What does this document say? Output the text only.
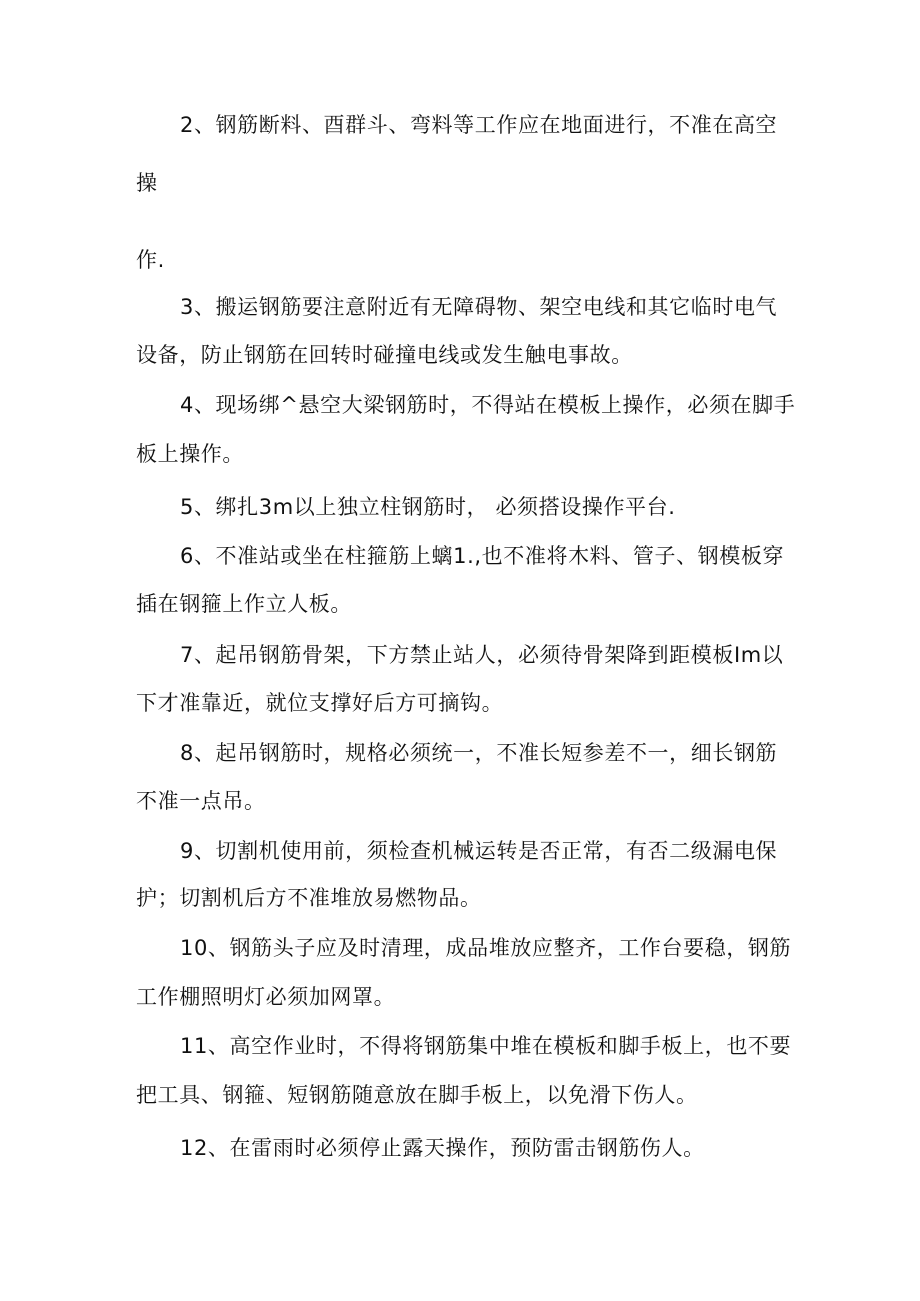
2、钢筋断料、酉群斗、弯料等工作应在地面进行，不准在高空
操
作.
3、搬运钢筋要注意附近有无障碍物、架空电线和其它临时电气
设备，防止钢筋在回转时碰撞电线或发生触电事故。
4、现场绑^悬空大梁钢筋时，不得站在模板上操作，必须在脚手
板上操作。
5、绑扎3m以上独立柱钢筋时， 必须搭设操作平台.
6、不准站或坐在柱箍筋上螭1.,也不准将木料、管子、钢模板穿
插在钢箍上作立人板。
7、起吊钢筋骨架，下方禁止站人，必须待骨架降到距模板Im以
下才准靠近，就位支撑好后方可摘钩。
8、起吊钢筋时，规格必须统一，不准长短参差不一，细长钢筋
不准一点吊。
9、切割机使用前，须检查机械运转是否正常，有否二级漏电保
护；切割机后方不准堆放易燃物品。
10、钢筋头子应及时清理，成品堆放应整齐，工作台要稳，钢筋
工作棚照明灯必须加网罩。
11、高空作业时，不得将钢筋集中堆在模板和脚手板上，也不要
把工具、钢箍、短钢筋随意放在脚手板上，以免滑下伤人。
12、在雷雨时必须停止露天操作，预防雷击钢筋伤人。
